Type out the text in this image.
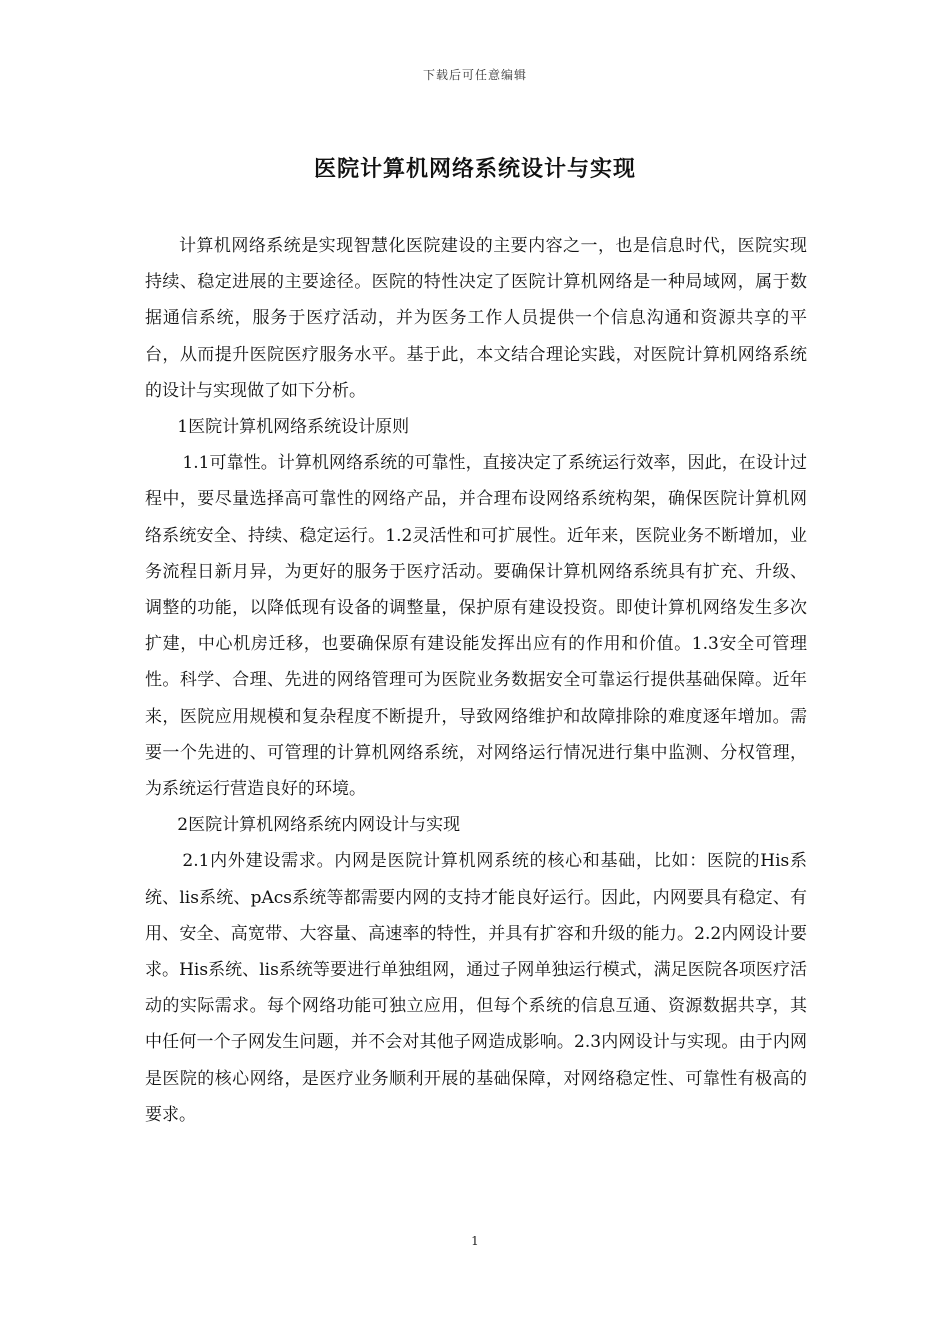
下载后可任意编辑
医院计算机网络系统设计与实现

计算机网络系统是实现智慧化医院建设的主要内容之一，也是信息时代，医院实现持续、稳定进展的主要途径。医院的特性决定了医院计算机网络是一种局域网，属于数据通信系统，服务于医疗活动，并为医务工作人员提供一个信息沟通和资源共享的平台，从而提升医院医疗服务水平。基于此，本文结合理论实践，对医院计算机网络系统的设计与实现做了如下分析。

1医院计算机网络系统设计原则

1.1可靠性。计算机网络系统的可靠性，直接决定了系统运行效率，因此，在设计过程中，要尽量选择高可靠性的网络产品，并合理布设网络系统构架，确保医院计算机网络系统安全、持续、稳定运行。1.2灵活性和可扩展性。近年来，医院业务不断增加，业务流程日新月异，为更好的服务于医疗活动。要确保计算机网络系统具有扩充、升级、调整的功能，以降低现有设备的调整量，保护原有建设投资。即使计算机网络发生多次扩建，中心机房迁移，也要确保原有建设能发挥出应有的作用和价值。1.3安全可管理性。科学、合理、先进的网络管理可为医院业务数据安全可靠运行提供基础保障。近年来，医院应用规模和复杂程度不断提升，导致网络维护和故障排除的难度逐年增加。需要一个先进的、可管理的计算机网络系统，对网络运行情况进行集中监测、分权管理，为系统运行营造良好的环境。

2医院计算机网络系统内网设计与实现

2.1内外建设需求。内网是医院计算机网系统的核心和基础，比如：医院的His系统、lis系统、pAcs系统等都需要内网的支持才能良好运行。因此，内网要具有稳定、有用、安全、高宽带、大容量、高速率的特性，并具有扩容和升级的能力。2.2内网设计要求。His系统、lis系统等要进行单独组网，通过子网单独运行模式，满足医院各项医疗活动的实际需求。每个网络功能可独立应用，但每个系统的信息互通、资源数据共享，其中任何一个子网发生问题，并不会对其他子网造成影响。2.3内网设计与实现。由于内网是医院的核心网络，是医疗业务顺利开展的基础保障，对网络稳定性、可靠性有极高的要求。

1
